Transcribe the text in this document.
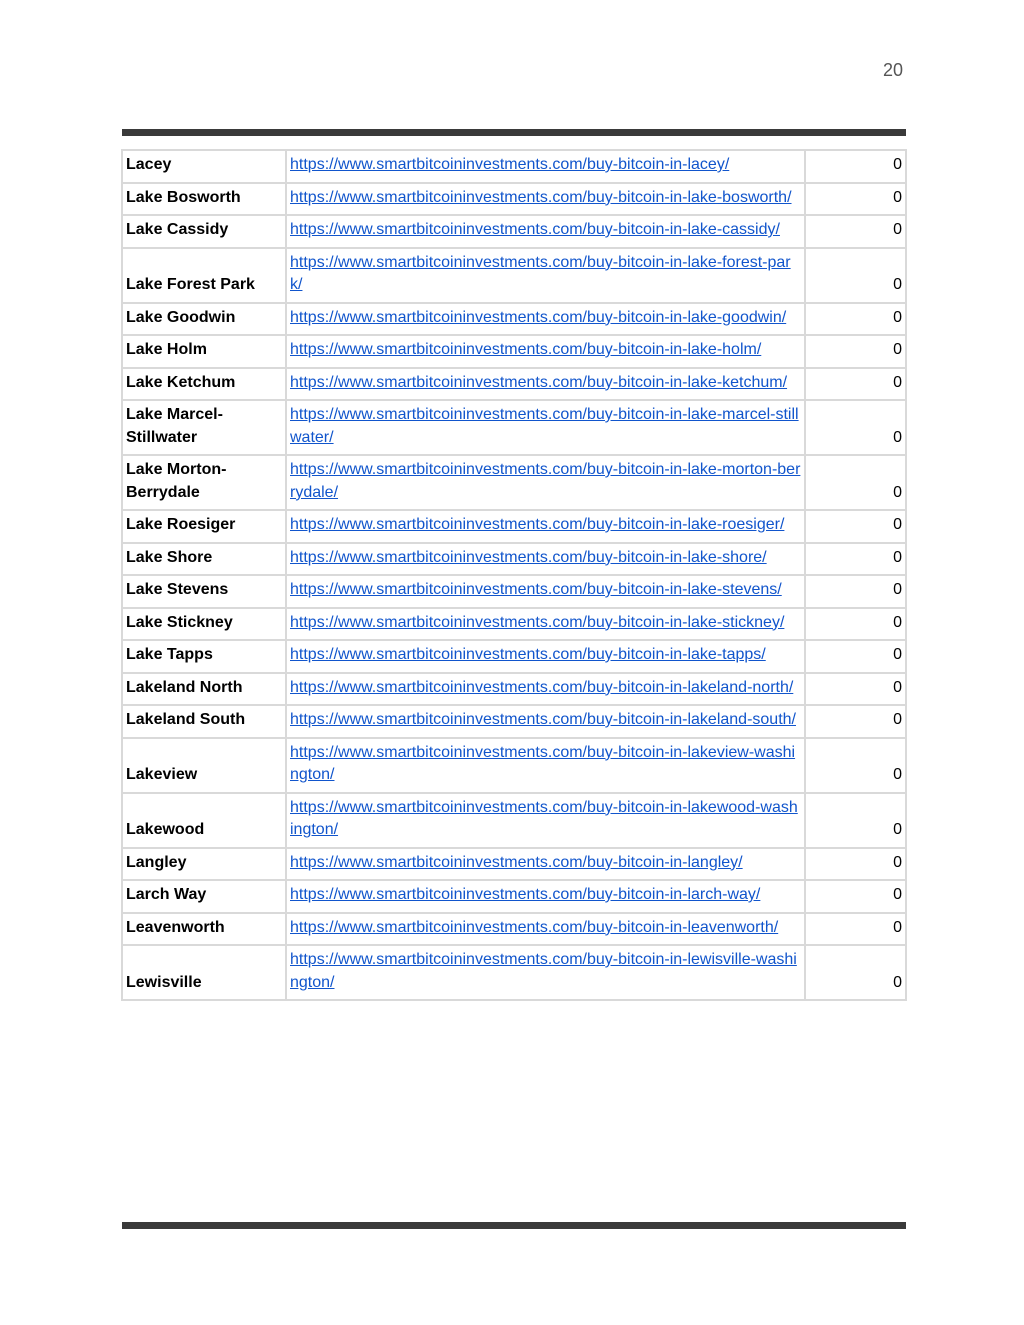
20
Lacey	https://www.smartbitcoininvestments.com/buy-bitcoin-in-lacey/	0
Lake Bosworth	https://www.smartbitcoininvestments.com/buy-bitcoin-in-lake-bosworth/	0
Lake Cassidy	https://www.smartbitcoininvestments.com/buy-bitcoin-in-lake-cassidy/	0
Lake Forest Park	https://www.smartbitcoininvestments.com/buy-bitcoin-in-lake-forest-park/	0
Lake Goodwin	https://www.smartbitcoininvestments.com/buy-bitcoin-in-lake-goodwin/	0
Lake Holm	https://www.smartbitcoininvestments.com/buy-bitcoin-in-lake-holm/	0
Lake Ketchum	https://www.smartbitcoininvestments.com/buy-bitcoin-in-lake-ketchum/	0
Lake Marcel-Stillwater	https://www.smartbitcoininvestments.com/buy-bitcoin-in-lake-marcel-stillwater/	0
Lake Morton-Berrydale	https://www.smartbitcoininvestments.com/buy-bitcoin-in-lake-morton-berrydale/	0
Lake Roesiger	https://www.smartbitcoininvestments.com/buy-bitcoin-in-lake-roesiger/	0
Lake Shore	https://www.smartbitcoininvestments.com/buy-bitcoin-in-lake-shore/	0
Lake Stevens	https://www.smartbitcoininvestments.com/buy-bitcoin-in-lake-stevens/	0
Lake Stickney	https://www.smartbitcoininvestments.com/buy-bitcoin-in-lake-stickney/	0
Lake Tapps	https://www.smartbitcoininvestments.com/buy-bitcoin-in-lake-tapps/	0
Lakeland North	https://www.smartbitcoininvestments.com/buy-bitcoin-in-lakeland-north/	0
Lakeland South	https://www.smartbitcoininvestments.com/buy-bitcoin-in-lakeland-south/	0
Lakeview	https://www.smartbitcoininvestments.com/buy-bitcoin-in-lakeview-washington/	0
Lakewood	https://www.smartbitcoininvestments.com/buy-bitcoin-in-lakewood-washington/	0
Langley	https://www.smartbitcoininvestments.com/buy-bitcoin-in-langley/	0
Larch Way	https://www.smartbitcoininvestments.com/buy-bitcoin-in-larch-way/	0
Leavenworth	https://www.smartbitcoininvestments.com/buy-bitcoin-in-leavenworth/	0
Lewisville	https://www.smartbitcoininvestments.com/buy-bitcoin-in-lewisville-washington/	0
